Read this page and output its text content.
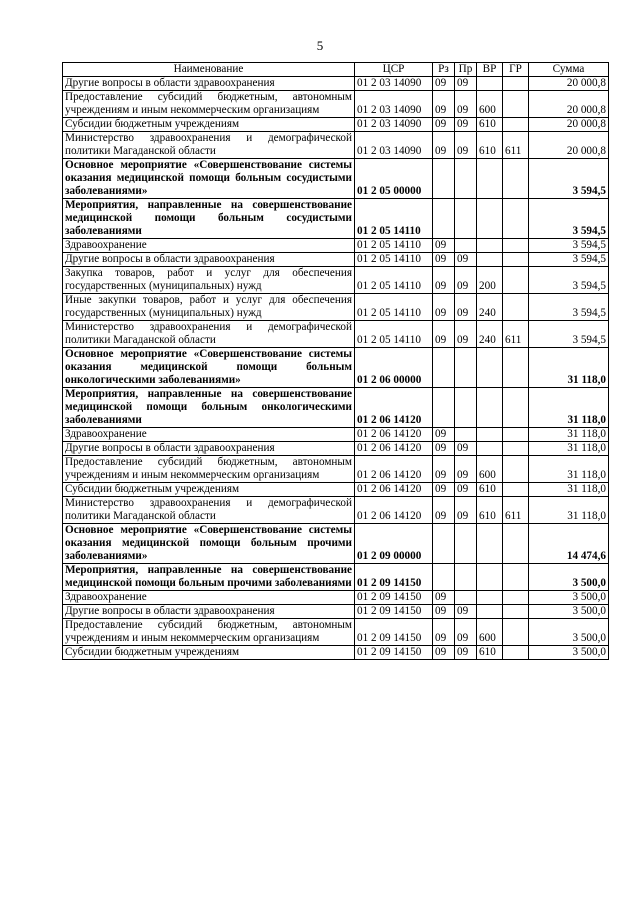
5
Наименование	ЦСР	Рз	Пр	ВР	ГР	Сумма
Другие вопросы в области здравоохранения	01 2 03 14090	09	09			20 000,8
Предоставление субсидий бюджетным, автономным учреждениям и иным некоммерческим организациям	01 2 03 14090	09	09	600		20 000,8
Субсидии бюджетным учреждениям	01 2 03 14090	09	09	610		20 000,8
Министерство здравоохранения и демографической политики Магаданской области	01 2 03 14090	09	09	610	611	20 000,8
Основное мероприятие «Совершенствование системы оказания медицинской помощи больным сосудистыми заболеваниями»	01 2 05 00000					3 594,5
Мероприятия, направленные на совершенствование медицинской помощи больным сосудистыми заболеваниями	01 2 05 14110					3 594,5
Здравоохранение	01 2 05 14110	09				3 594,5
Другие вопросы в области здравоохранения	01 2 05 14110	09	09			3 594,5
Закупка товаров, работ и услуг для обеспечения государственных (муниципальных) нужд	01 2 05 14110	09	09	200		3 594,5
Иные закупки товаров, работ и услуг для обеспечения государственных (муниципальных) нужд	01 2 05 14110	09	09	240		3 594,5
Министерство здравоохранения и демографической политики Магаданской области	01 2 05 14110	09	09	240	611	3 594,5
Основное мероприятие «Совершенствование системы оказания медицинской помощи больным онкологическими заболеваниями»	01 2 06 00000					31 118,0
Мероприятия, направленные на совершенствование медицинской помощи больным онкологическими заболеваниями	01 2 06 14120					31 118,0
Здравоохранение	01 2 06 14120	09				31 118,0
Другие вопросы в области здравоохранения	01 2 06 14120	09	09			31 118,0
Предоставление субсидий бюджетным, автономным учреждениям и иным некоммерческим организациям	01 2 06 14120	09	09	600		31 118,0
Субсидии бюджетным учреждениям	01 2 06 14120	09	09	610		31 118,0
Министерство здравоохранения и демографической политики Магаданской области	01 2 06 14120	09	09	610	611	31 118,0
Основное мероприятие «Совершенствование системы оказания медицинской помощи больным прочими заболеваниями»	01 2 09 00000					14 474,6
Мероприятия, направленные на совершенствование медицинской помощи больным прочими заболеваниями	01 2 09 14150					3 500,0
Здравоохранение	01 2 09 14150	09				3 500,0
Другие вопросы в области здравоохранения	01 2 09 14150	09	09			3 500,0
Предоставление субсидий бюджетным, автономным учреждениям и иным некоммерческим организациям	01 2 09 14150	09	09	600		3 500,0
Субсидии бюджетным учреждениям	01 2 09 14150	09	09	610		3 500,0
